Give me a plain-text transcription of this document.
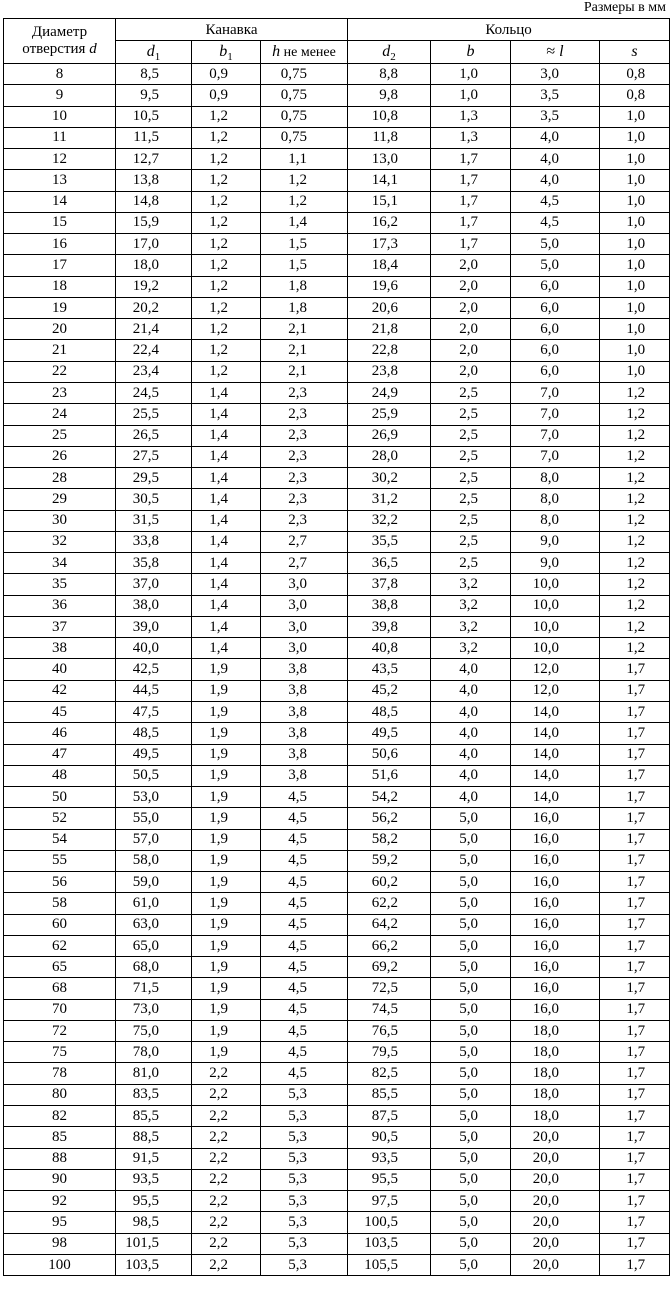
Размеры в мм
Диаметр
отверстия d	Канавка			Кольцо			
	$d_1$	$b_1$	h не менее	$d_2$	b	≈ l	s
8	8,5	0,9	0,75	8,8	1,0	3,0	0,8
9	9,5	0,9	0,75	9,8	1,0	3,5	0,8
10	10,5	1,2	0,75	10,8	1,3	3,5	1,0
11	11,5	1,2	0,75	11,8	1,3	4,0	1,0
12	12,7	1,2	1,1	13,0	1,7	4,0	1,0
13	13,8	1,2	1,2	14,1	1,7	4,0	1,0
14	14,8	1,2	1,2	15,1	1,7	4,5	1,0
15	15,9	1,2	1,4	16,2	1,7	4,5	1,0
16	17,0	1,2	1,5	17,3	1,7	5,0	1,0
17	18,0	1,2	1,5	18,4	2,0	5,0	1,0
18	19,2	1,2	1,8	19,6	2,0	6,0	1,0
19	20,2	1,2	1,8	20,6	2,0	6,0	1,0
20	21,4	1,2	2,1	21,8	2,0	6,0	1,0
21	22,4	1,2	2,1	22,8	2,0	6,0	1,0
22	23,4	1,2	2,1	23,8	2,0	6,0	1,0
23	24,5	1,4	2,3	24,9	2,5	7,0	1,2
24	25,5	1,4	2,3	25,9	2,5	7,0	1,2
25	26,5	1,4	2,3	26,9	2,5	7,0	1,2
26	27,5	1,4	2,3	28,0	2,5	7,0	1,2
28	29,5	1,4	2,3	30,2	2,5	8,0	1,2
29	30,5	1,4	2,3	31,2	2,5	8,0	1,2
30	31,5	1,4	2,3	32,2	2,5	8,0	1,2
32	33,8	1,4	2,7	35,5	2,5	9,0	1,2
34	35,8	1,4	2,7	36,5	2,5	9,0	1,2
35	37,0	1,4	3,0	37,8	3,2	10,0	1,2
36	38,0	1,4	3,0	38,8	3,2	10,0	1,2
37	39,0	1,4	3,0	39,8	3,2	10,0	1,2
38	40,0	1,4	3,0	40,8	3,2	10,0	1,2
40	42,5	1,9	3,8	43,5	4,0	12,0	1,7
42	44,5	1,9	3,8	45,2	4,0	12,0	1,7
45	47,5	1,9	3,8	48,5	4,0	14,0	1,7
46	48,5	1,9	3,8	49,5	4,0	14,0	1,7
47	49,5	1,9	3,8	50,6	4,0	14,0	1,7
48	50,5	1,9	3,8	51,6	4,0	14,0	1,7
50	53,0	1,9	4,5	54,2	4,0	14,0	1,7
52	55,0	1,9	4,5	56,2	5,0	16,0	1,7
54	57,0	1,9	4,5	58,2	5,0	16,0	1,7
55	58,0	1,9	4,5	59,2	5,0	16,0	1,7
56	59,0	1,9	4,5	60,2	5,0	16,0	1,7
58	61,0	1,9	4,5	62,2	5,0	16,0	1,7
60	63,0	1,9	4,5	64,2	5,0	16,0	1,7
62	65,0	1,9	4,5	66,2	5,0	16,0	1,7
65	68,0	1,9	4,5	69,2	5,0	16,0	1,7
68	71,5	1,9	4,5	72,5	5,0	16,0	1,7
70	73,0	1,9	4,5	74,5	5,0	16,0	1,7
72	75,0	1,9	4,5	76,5	5,0	18,0	1,7
75	78,0	1,9	4,5	79,5	5,0	18,0	1,7
78	81,0	2,2	4,5	82,5	5,0	18,0	1,7
80	83,5	2,2	5,3	85,5	5,0	18,0	1,7
82	85,5	2,2	5,3	87,5	5,0	18,0	1,7
85	88,5	2,2	5,3	90,5	5,0	20,0	1,7
88	91,5	2,2	5,3	93,5	5,0	20,0	1,7
90	93,5	2,2	5,3	95,5	5,0	20,0	1,7
92	95,5	2,2	5,3	97,5	5,0	20,0	1,7
95	98,5	2,2	5,3	100,5	5,0	20,0	1,7
98	101,5	2,2	5,3	103,5	5,0	20,0	1,7
100	103,5	2,2	5,3	105,5	5,0	20,0	1,7
